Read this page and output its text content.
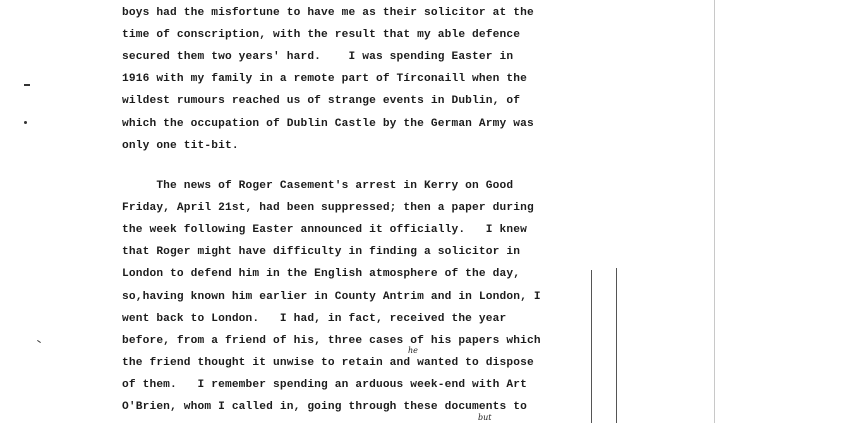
boys had the misfortune to have me as their solicitor at the
time of conscription, with the result that my able defence
secured them two years' hard.    I was spending Easter in
1916 with my family in a remote part of Tírconaill when the
wildest rumours reached us of strange events in Dublin, of
which the occupation of Dublin Castle by the German Army was
only one tit-bit.
The news of Roger Casement's arrest in Kerry on Good
Friday, April 21st, had been suppressed; then a paper during
the week following Easter announced it officially.   I knew
that Roger might have difficulty in finding a solicitor in
London to defend him in the English atmosphere of the day,
so,having known him earlier in County Antrim and in London, I
went back to London.   I had, in fact, received the year
before, from a friend of his, three cases of his papers which
the friend thought it unwise to retain and wanted to dispose
of them.   I remember spending an arduous week-end with Art
O'Brien, whom I called in, going through these documents to
he
but
